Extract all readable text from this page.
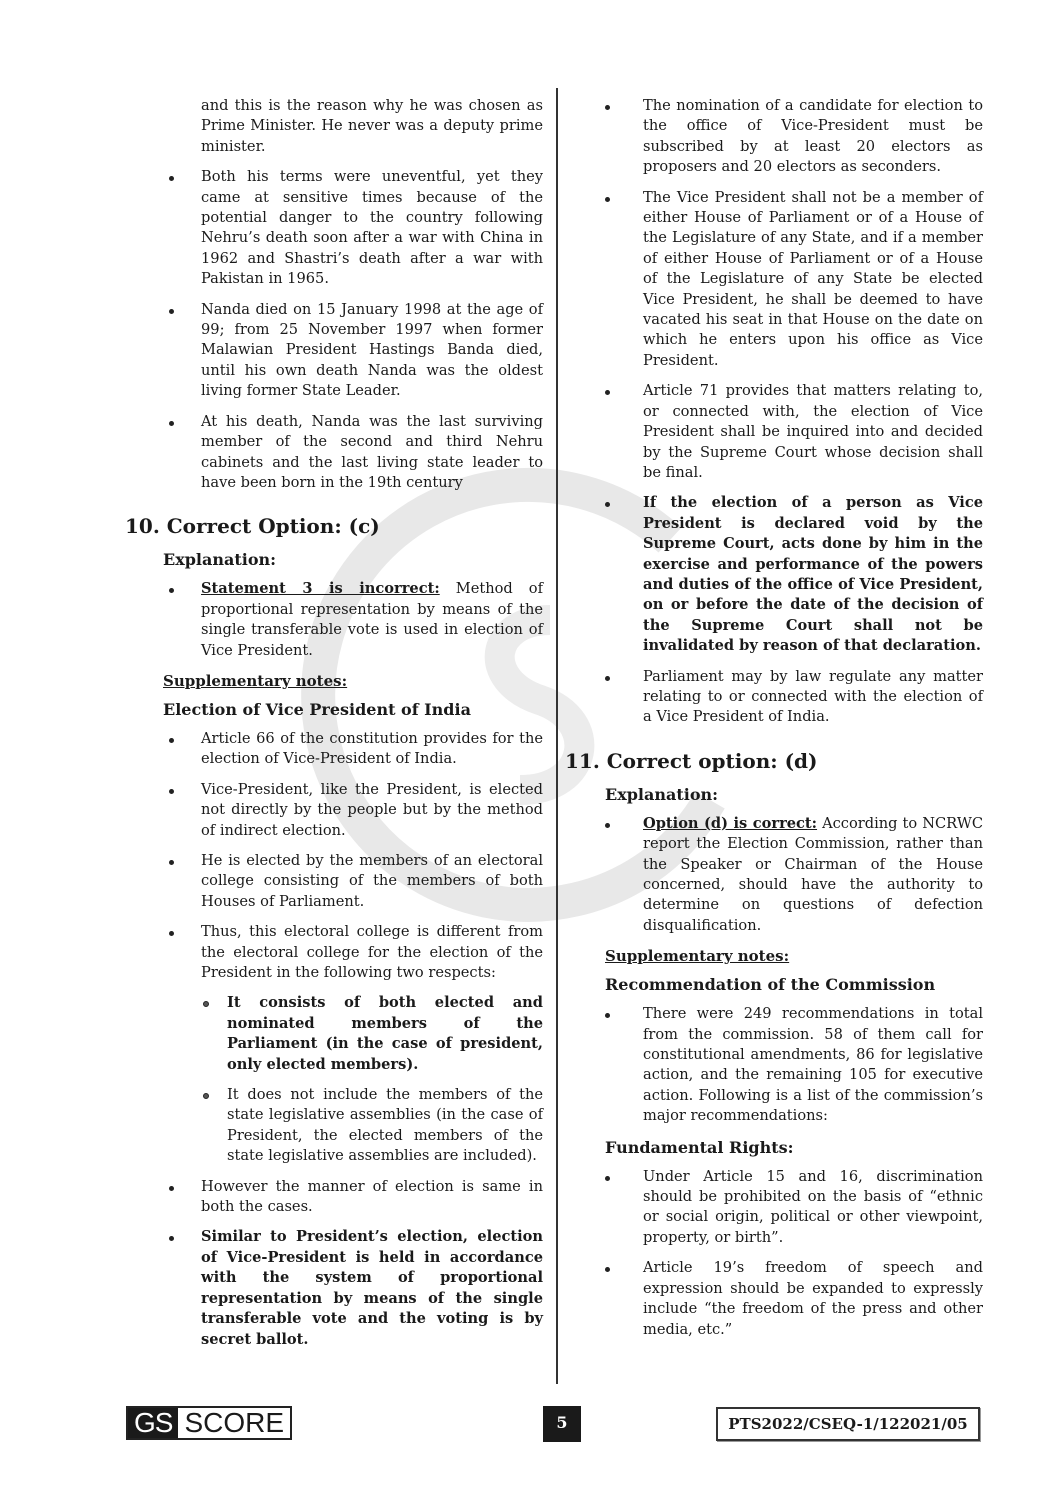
and this is the reason why he was chosen as Prime Minister. He never was a deputy prime minister.

Both his terms were uneventful, yet they came at sensitive times because of the potential danger to the country following Nehru’s death soon after a war with China in 1962 and Shastri’s death after a war with Pakistan in 1965.
Nanda died on 15 January 1998 at the age of 99; from 25 November 1997 when former Malawian President Hastings Banda died, until his own death Nanda was the oldest living former State Leader.
At his death, Nanda was the last surviving member of the second and third Nehru cabinets and the last living state leader to have been born in the 19th century
10. Correct Option: (c)
Explanation:
Statement 3 is incorrect: Method of proportional representation by means of the single transferable vote is used in election of Vice President.
Supplementary notes:
Election of Vice President of India
Article 66 of the constitution provides for the election of Vice-President of India.
Vice-President, like the President, is elected not directly by the people but by the method of indirect election.
He is elected by the members of an electoral college consisting of the members of both Houses of Parliament.
Thus, this electoral college is different from the electoral college for the election of the President in the following two respects:
It consists of both elected and nominated members of the Parliament (in the case of president, only elected members).
It does not include the members of the state legislative assemblies (in the case of President, the elected members of the state legislative assemblies are included).
However the manner of election is same in both the cases.
Similar to President’s election, election of Vice-President is held in accordance with the system of proportional representation by means of the single transferable vote and the voting is by secret ballot.
The nomination of a candidate for election to the office of Vice-President must be subscribed by at least 20 electors as proposers and 20 electors as seconders.
The Vice President shall not be a member of either House of Parliament or of a House of the Legislature of any State, and if a member of either House of Parliament or of a House of the Legislature of any State be elected Vice President, he shall be deemed to have vacated his seat in that House on the date on which he enters upon his office as Vice President.
Article 71 provides that matters relating to, or connected with, the election of Vice President shall be inquired into and decided by the Supreme Court whose decision shall be final.
If the election of a person as Vice President is declared void by the Supreme Court, acts done by him in the exercise and performance of the powers and duties of the office of Vice President, on or before the date of the decision of the Supreme Court shall not be invalidated by reason of that declaration.
Parliament may by law regulate any matter relating to or connected with the election of a Vice President of India.
11. Correct option: (d)
Explanation:
Option (d) is correct: According to NCRWC report the Election Commission, rather than the Speaker or Chairman of the House concerned, should have the authority to determine on questions of defection disqualification.
Supplementary notes:
Recommendation of the Commission
There were 249 recommendations in total from the commission. 58 of them call for constitutional amendments, 86 for legislative action, and the remaining 105 for executive action. Following is a list of the commission’s major recommendations:
Fundamental Rights:
Under Article 15 and 16, discrimination should be prohibited on the basis of “ethnic or social origin, political or other viewpoint, property, or birth”.
Article 19’s freedom of speech and expression should be expanded to expressly include “the freedom of the press and other media, etc.”
GS SCORE	5	PTS2022/CSEQ-1/122021/05
